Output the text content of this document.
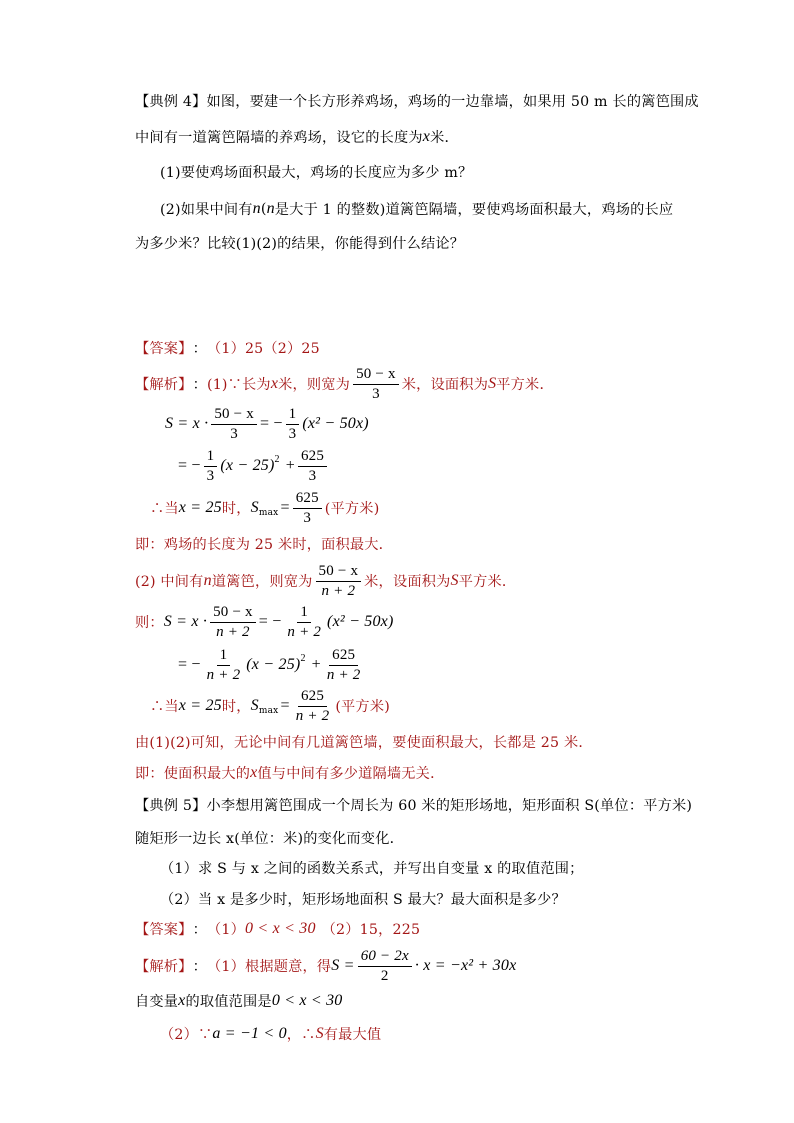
【典例 4】 如图，要建一个长方形养鸡场，鸡场的一边靠墙，如果用 50 m 长的篱笆围成
中间有一道篱笆隔墙的养鸡场，设它的长度为 x 米．
(1)要使鸡场面积最大，鸡场的长度应为多少 m？
(2)如果中间有 n ( n 是大于 1 的整数)道篱笆隔墙，要使鸡场面积最大，鸡场的长应
为多少米？比较(1)(2)的结果，你能得到什么结论？
【答案】 ： （1）25（2）25
【解析】 ： (1)∵长为 x 米，则宽为 $\frac{50 - x}{3}$ 米，设面积为 S 平方米．
$S = x \cdot \frac{50 - x}{3}$ = − $\frac{1}{3} (x^2 - 50x)$
= − $\frac{1}{3} (x - 25) 2 + \frac{625}{3}$
∴当 x = 25 时， S $\max = \frac{625}{3}$ (平方米)
即：鸡场的长度为 25 米时，面积最大．
(2) 中间有 n 道篱笆，则宽为 $\frac{50 - x}{n + 2}$ 米，设面积为 S 平方米．
则： $S = x \cdot \frac{50 - x}{n + 2}$ = − $\frac{1}{n + 2} (x^2 - 50x)$
= − $\frac{1}{n + 2} (x - 25) 2 + \frac{625}{n + 2}$
∴当 x = 25 时， S $\max = \frac{625}{n + 2}$ (平方米)
由(1)(2)可知，无论中间有几道篱笆墙，要使面积最大，长都是 25 米．
即：使面积最大的 x 值与中间有多少道隔墙无关．
【典例 5】 小李想用篱笆围成一个周长为 60 米的矩形场地，矩形面积 S(单位：平方米)
随矩形一边长 x(单位：米)的变化而变化．
（1）求 S 与 x 之间的函数关系式，并写出自变量 x 的取值范围；
（2）当 x 是多少时，矩形场地面积 S 最大？最大面积是多少？
【答案】 ： （1） 0 < x < 30 （2）15，225
【解析】 ： （1）根据题意，得 $S = \frac{60 - 2x}{2} \cdot x = -x^2 + 30x$
自变量 x 的取值范围是 0 < x < 30
（2）∵ a = −1 < 0 ，∴ S 有最大值
